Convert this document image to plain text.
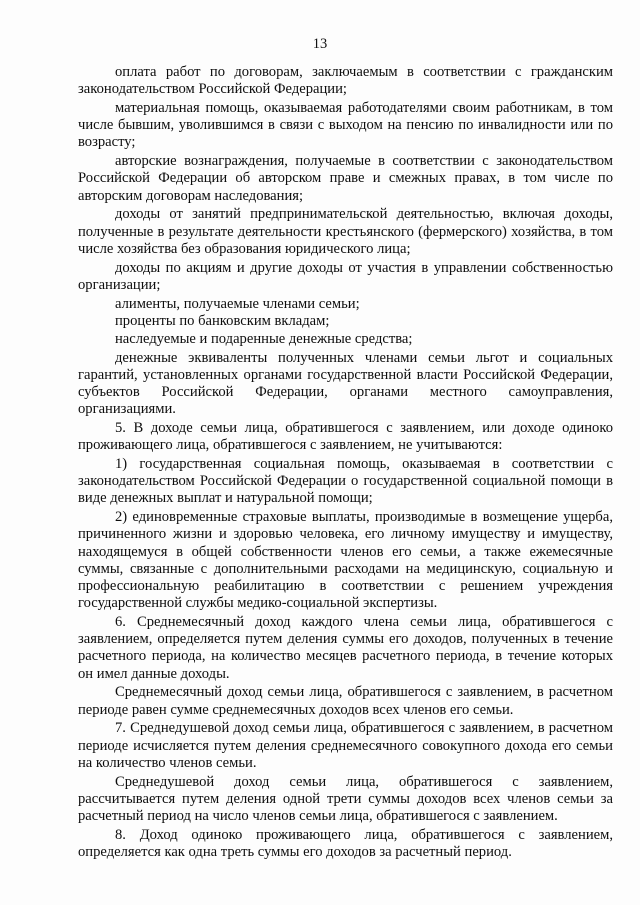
13

оплата работ по договорам, заключаемым в соответствии с гражданским законодательством Российской Федерации;

материальная помощь, оказываемая работодателями своим работникам, в том числе бывшим, уволившимся в связи с выходом на пенсию по инвалидности или по возрасту;

авторские вознаграждения, получаемые в соответствии с законодательством Российской Федерации об авторском праве и смежных правах, в том числе по авторским договорам наследования;

доходы от занятий предпринимательской деятельностью, включая доходы, полученные в результате деятельности крестьянского (фермерского) хозяйства, в том числе хозяйства без образования юридического лица;

доходы по акциям и другие доходы от участия в управлении собственностью организации;

алименты, получаемые членами семьи;

проценты по банковским вкладам;

наследуемые и подаренные денежные средства;

денежные эквиваленты полученных членами семьи льгот и социальных гарантий, установленных органами государственной власти Российской Федерации, субъектов Российской Федерации, органами местного самоуправления, организациями.

5. В доходе семьи лица, обратившегося с заявлением, или доходе одиноко проживающего лица, обратившегося с заявлением, не учитываются:

1) государственная социальная помощь, оказываемая в соответствии с законодательством Российской Федерации о государственной социальной помощи в виде денежных выплат и натуральной помощи;

2) единовременные страховые выплаты, производимые в возмещение ущерба, причиненного жизни и здоровью человека, его личному имуществу и имуществу, находящемуся в общей собственности членов его семьи, а также ежемесячные суммы, связанные с дополнительными расходами на медицинскую, социальную и профессиональную реабилитацию в соответствии с решением учреждения государственной службы медико-социальной экспертизы.

6. Среднемесячный доход каждого члена семьи лица, обратившегося с заявлением, определяется путем деления суммы его доходов, полученных в течение расчетного периода, на количество месяцев расчетного периода, в течение которых он имел данные доходы.

Среднемесячный доход семьи лица, обратившегося с заявлением, в расчетном периоде равен сумме среднемесячных доходов всех членов его семьи.

7. Среднедушевой доход семьи лица, обратившегося с заявлением, в расчетном периоде исчисляется путем деления среднемесячного совокупного дохода его семьи на количество членов семьи.

Среднедушевой доход семьи лица, обратившегося с заявлением, рассчитывается путем деления одной трети суммы доходов всех членов семьи за расчетный период на число членов семьи лица, обратившегося с заявлением.

8. Доход одиноко проживающего лица, обратившегося с заявлением, определяется как одна треть суммы его доходов за расчетный период.
